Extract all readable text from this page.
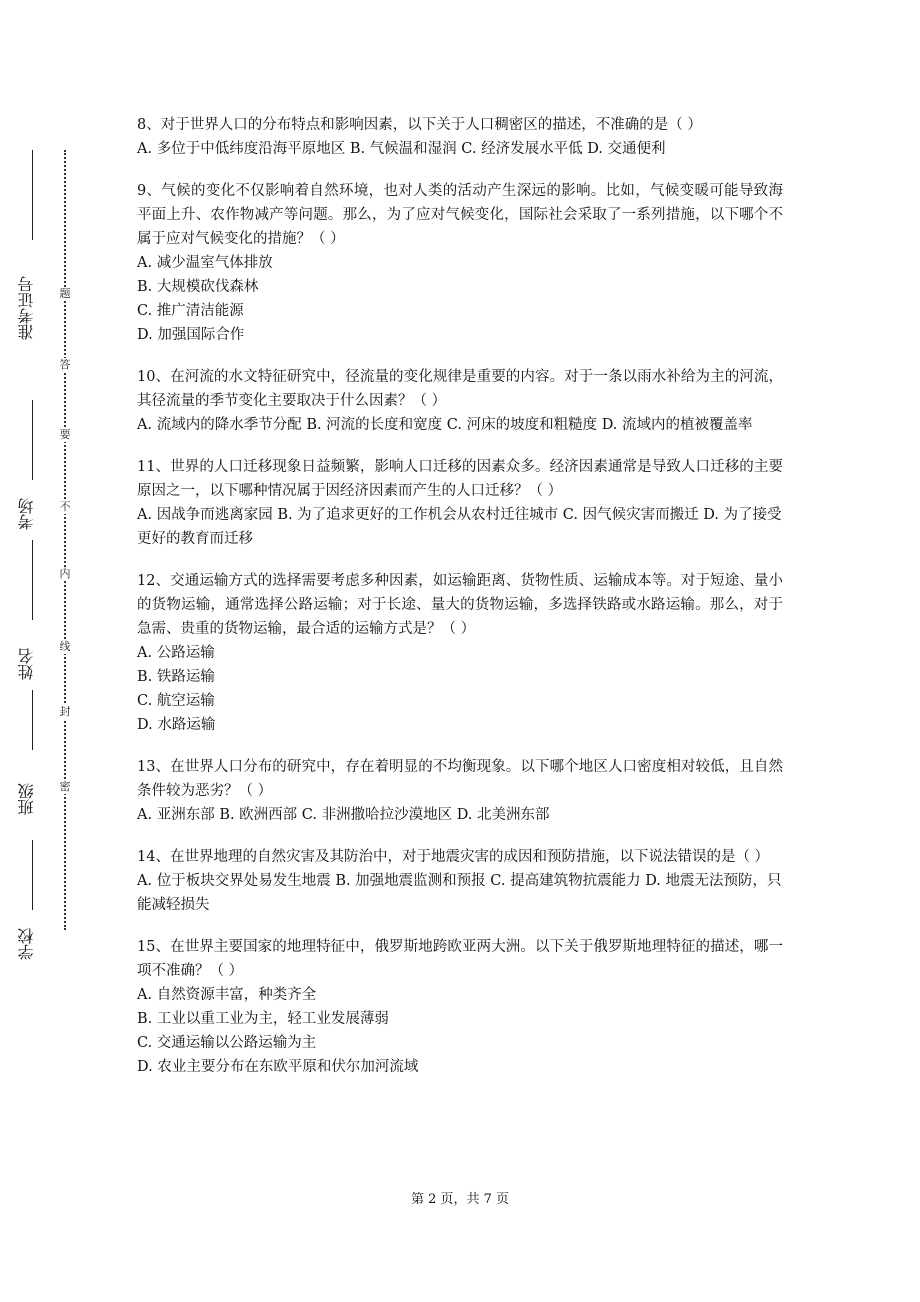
准考证号
考场
姓名
班级
学校
密
封
线
内
不
要
答
题

8、对于世界人口的分布特点和影响因素，以下关于人口稠密区的描述，不准确的是（ ）

A. 多位于中低纬度沿海平原地区 B. 气候温和湿润 C. 经济发展水平低 D. 交通便利

9、气候的变化不仅影响着自然环境，也对人类的活动产生深远的影响。比如，气候变暖可能导致海平面上升、农作物减产等问题。那么，为了应对气候变化，国际社会采取了一系列措施，以下哪个不属于应对气候变化的措施？（ ）

A. 减少温室气体排放
B. 大规模砍伐森林
C. 推广清洁能源
D. 加强国际合作

10、在河流的水文特征研究中，径流量的变化规律是重要的内容。对于一条以雨水补给为主的河流，其径流量的季节变化主要取决于什么因素？（ ）

A. 流域内的降水季节分配 B. 河流的长度和宽度 C. 河床的坡度和粗糙度 D. 流域内的植被覆盖率

11、世界的人口迁移现象日益频繁，影响人口迁移的因素众多。经济因素通常是导致人口迁移的主要原因之一，以下哪种情况属于因经济因素而产生的人口迁移？（ ）

A. 因战争而逃离家园 B. 为了追求更好的工作机会从农村迁往城市 C. 因气候灾害而搬迁 D. 为了接受更好的教育而迁移

12、交通运输方式的选择需要考虑多种因素，如运输距离、货物性质、运输成本等。对于短途、量小的货物运输，通常选择公路运输；对于长途、量大的货物运输，多选择铁路或水路运输。那么，对于急需、贵重的货物运输，最合适的运输方式是？（ ）

A. 公路运输
B. 铁路运输
C. 航空运输
D. 水路运输

13、在世界人口分布的研究中，存在着明显的不均衡现象。以下哪个地区人口密度相对较低，且自然条件较为恶劣？（ ）

A. 亚洲东部 B. 欧洲西部 C. 非洲撒哈拉沙漠地区 D. 北美洲东部

14、在世界地理的自然灾害及其防治中，对于地震灾害的成因和预防措施，以下说法错误的是（ ）

A. 位于板块交界处易发生地震 B. 加强地震监测和预报 C. 提高建筑物抗震能力 D. 地震无法预防，只能减轻损失

15、在世界主要国家的地理特征中，俄罗斯地跨欧亚两大洲。以下关于俄罗斯地理特征的描述，哪一项不准确？（ ）

A. 自然资源丰富，种类齐全
B. 工业以重工业为主，轻工业发展薄弱
C. 交通运输以公路运输为主
D. 农业主要分布在东欧平原和伏尔加河流域
第 2 页，共 7 页
